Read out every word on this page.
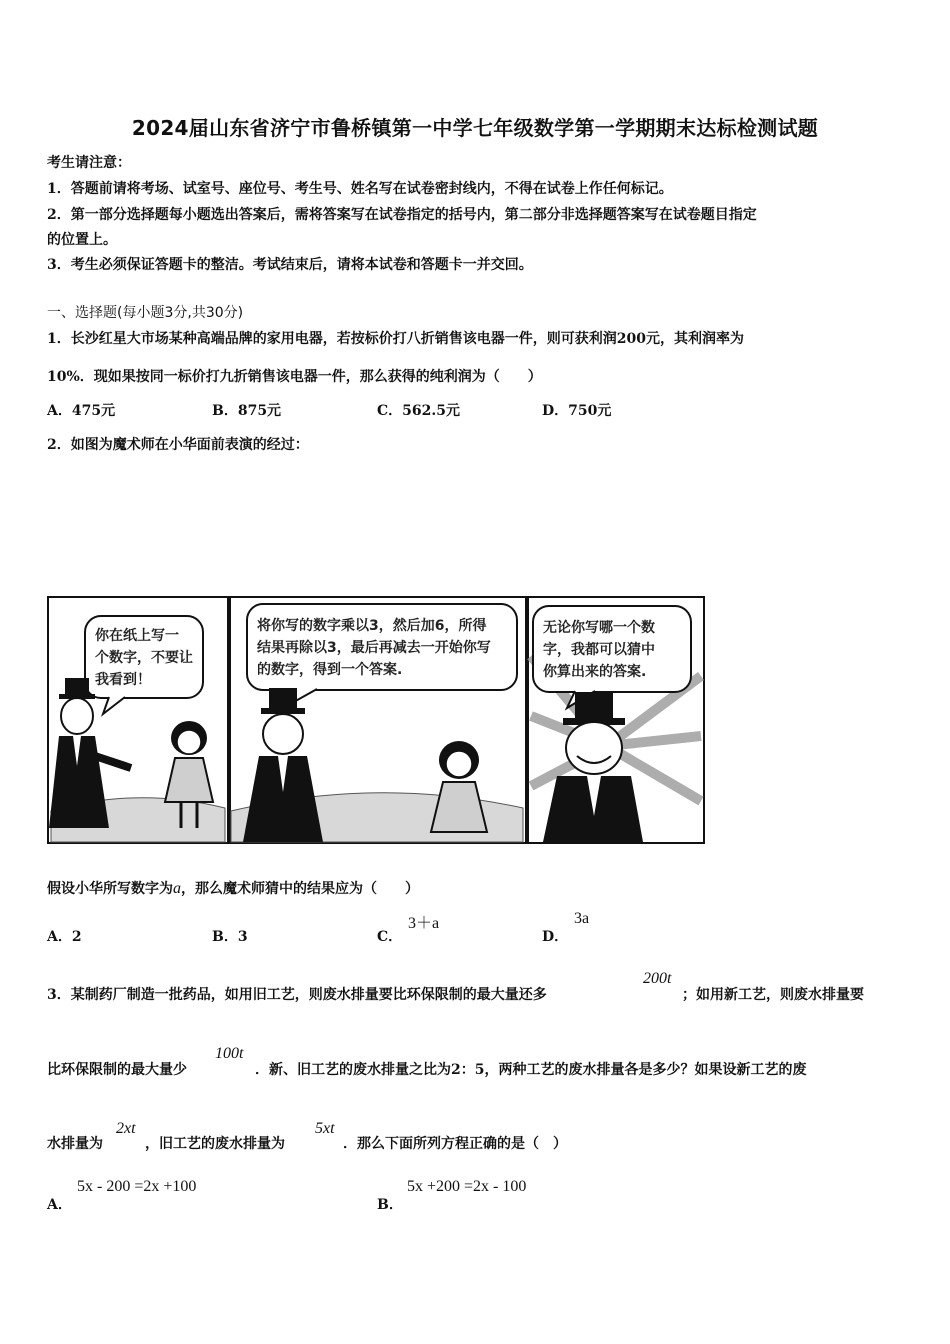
2024届山东省济宁市鲁桥镇第一中学七年级数学第一学期期末达标检测试题
考生请注意：
1．答题前请将考场、试室号、座位号、考生号、姓名写在试卷密封线内，不得在试卷上作任何标记。
2．第一部分选择题每小题选出答案后，需将答案写在试卷指定的括号内，第二部分非选择题答案写在试卷题目指定
的位置上。
3．考生必须保证答题卡的整洁。考试结束后，请将本试卷和答题卡一并交回。
一、选择题(每小题3分,共30分)
1．长沙红星大市场某种高端品牌的家用电器，若按标价打八折销售该电器一件，则可获利润200元，其利润率为
10%．现如果按同一标价打九折销售该电器一件，那么获得的纯利润为（　　）
A．475元	B．875元	C．562.5元	D．750元
2．如图为魔术师在小华面前表演的经过：
你在纸上写一
个数字，不要让
我看到！
将你写的数字乘以3，然后加6，所得
结果再除以3，最后再减去一开始你写
的数字，得到一个答案.
无论你写哪一个数
字，我都可以猜中
你算出来的答案.
假设小华所写数字为a，那么魔术师猜中的结果应为（　　）
A．2	B．3	C．
3＋a
D．
3a
3．某制药厂制造一批药品，如用旧工艺，则废水排量要比环保限制的最大量还多
200t
；如用新工艺，则废水排量要
比环保限制的最大量少
100t
．新、旧工艺的废水排量之比为2：5，两种工艺的废水排量各是多少？如果设新工艺的废
水排量为
2xt
，旧工艺的废水排量为
5xt
．那么下面所列方程正确的是（　）
A．
5x - 200 =2x +100
B．
5x +200 =2x - 100
